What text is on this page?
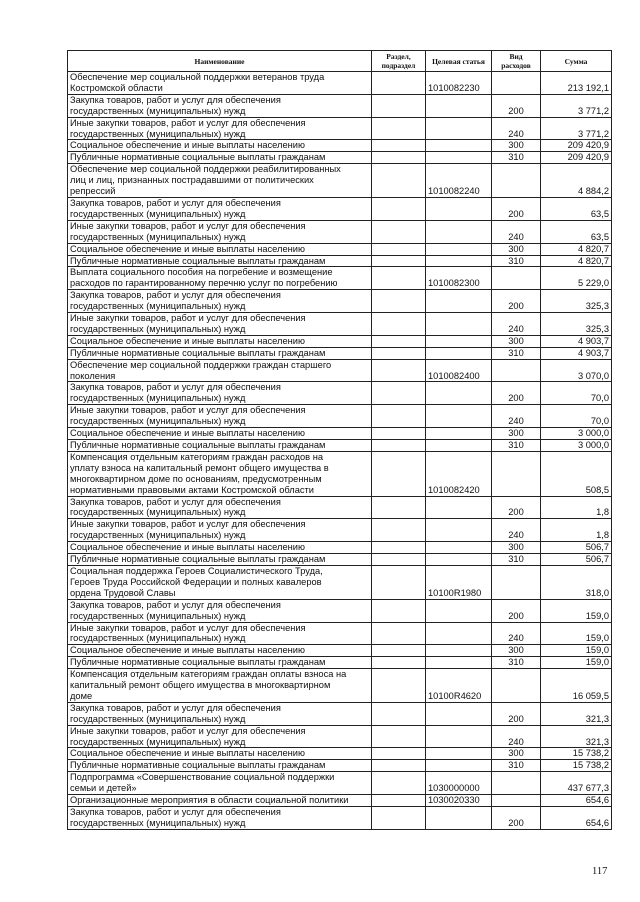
Наименование	Раздел, подраздел	Целевая статья	Вид расходов	Сумма
Обеспечение мер социальной поддержки ветеранов труда
Костромской области		1010082230		213 192,1
Закупка товаров, работ и услуг для обеспечения
государственных (муниципальных) нужд			200	3 771,2
Иные закупки товаров, работ и услуг для обеспечения
государственных (муниципальных) нужд			240	3 771,2
Социальное обеспечение и иные выплаты населению			300	209 420,9
Публичные нормативные социальные выплаты гражданам			310	209 420,9
Обеспечение мер социальной поддержки реабилитированных
лиц и лиц, признанных пострадавшими от политических
репрессий		1010082240		4 884,2
Закупка товаров, работ и услуг для обеспечения
государственных (муниципальных) нужд			200	63,5
Иные закупки товаров, работ и услуг для обеспечения
государственных (муниципальных) нужд			240	63,5
Социальное обеспечение и иные выплаты населению			300	4 820,7
Публичные нормативные социальные выплаты гражданам			310	4 820,7
Выплата социального пособия на погребение и возмещение
расходов по гарантированному перечню услуг по погребению		1010082300		5 229,0
Закупка товаров, работ и услуг для обеспечения
государственных (муниципальных) нужд			200	325,3
Иные закупки товаров, работ и услуг для обеспечения
государственных (муниципальных) нужд			240	325,3
Социальное обеспечение и иные выплаты населению			300	4 903,7
Публичные нормативные социальные выплаты гражданам			310	4 903,7
Обеспечение мер социальной поддержки граждан старшего
поколения		1010082400		3 070,0
Закупка товаров, работ и услуг для обеспечения
государственных (муниципальных) нужд			200	70,0
Иные закупки товаров, работ и услуг для обеспечения
государственных (муниципальных) нужд			240	70,0
Социальное обеспечение и иные выплаты населению			300	3 000,0
Публичные нормативные социальные выплаты гражданам			310	3 000,0
Компенсация отдельным категориям граждан расходов на
уплату взноса на капитальный ремонт общего имущества в
многоквартирном доме по основаниям, предусмотренным
нормативными правовыми актами Костромской области		1010082420		508,5
Закупка товаров, работ и услуг для обеспечения
государственных (муниципальных) нужд			200	1,8
Иные закупки товаров, работ и услуг для обеспечения
государственных (муниципальных) нужд			240	1,8
Социальное обеспечение и иные выплаты населению			300	506,7
Публичные нормативные социальные выплаты гражданам			310	506,7
Социальная поддержка Героев Социалистического Труда,
Героев Труда Российской Федерации и полных кавалеров
ордена Трудовой Славы		10100R1980		318,0
Закупка товаров, работ и услуг для обеспечения
государственных (муниципальных) нужд			200	159,0
Иные закупки товаров, работ и услуг для обеспечения
государственных (муниципальных) нужд			240	159,0
Социальное обеспечение и иные выплаты населению			300	159,0
Публичные нормативные социальные выплаты гражданам			310	159,0
Компенсация отдельным категориям граждан оплаты взноса на
капитальный ремонт общего имущества в многоквартирном
доме		10100R4620		16 059,5
Закупка товаров, работ и услуг для обеспечения
государственных (муниципальных) нужд			200	321,3
Иные закупки товаров, работ и услуг для обеспечения
государственных (муниципальных) нужд			240	321,3
Социальное обеспечение и иные выплаты населению			300	15 738,2
Публичные нормативные социальные выплаты гражданам			310	15 738,2
Подпрограмма «Совершенствование социальной поддержки
семьи и детей»		1030000000		437 677,3
Организационные мероприятия в области социальной политики		1030020330		654,6
Закупка товаров, работ и услуг для обеспечения
государственных (муниципальных) нужд			200	654,6
117
